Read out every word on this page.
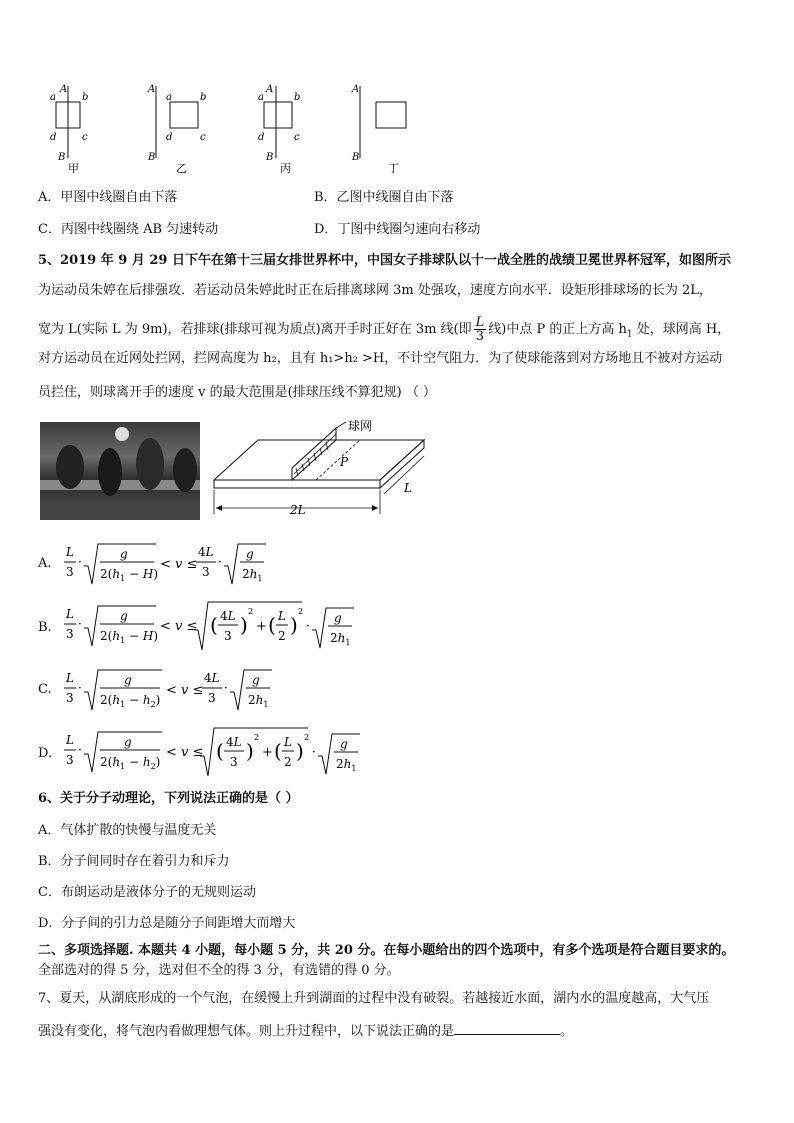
A
a	b
d	c
B
甲
A
a	b
d	c
B
乙
A
a	b
d	c
B
丙
A
B
丁
A．甲图中线圈自由下落	B．乙图中线圈自由下落
C．丙图中线圈绕 AB 匀速转动	D．丁图中线圈匀速向右移动
5、2019 年 9 月 29 日下午在第十三届女排世界杯中，中国女子排球队以十一战全胜的战绩卫冕世界杯冠军，如图所示
为运动员朱婷在后排强攻．若运动员朱婷此时正在后排离球网 3m 处强攻，速度方向水平．设矩形排球场的长为 2L，
宽为 L(实际 L 为 9m)，若排球(排球可视为质点)离开手时正好在 3m 线(即 $\frac{L}{3}$ 线)中点 P 的正上方高 $h_1$ 处，球网高 H，
对方运动员在近网处拦网，拦网高度为 h₂，且有 h₁>h₂ >H，不计空气阻力．为了使球能落到对方场地且不被对方运动
员拦住，则球离开手的速度 v 的最大范围是(排球压线不算犯规) （ ）
球网
P
2L
L
A.
L
3
·
g
$2(h_1 - H)$
< v ≤
4L
3
·
g
$2h_1$
B.
L
3
·
g
$2(h_1 - H)$
< v ≤ ( 4L
3 )
2
+ ( L
2 )
2
·
g
$2h_1$
C.
L
3
·
g
$2(h_1 - h_2)$
< v ≤
4L
3
·
g
$2h_1$
D.
L
3
·
g
$2(h_1 - h_2)$
< v ≤ ( 4L
3 )
2
+ ( L
2 )
2
·
g
$2h_1$
6、关于分子动理论，下列说法正确的是（ ）
A．气体扩散的快慢与温度无关
B．分子间同时存在着引力和斥力
C．布朗运动是液体分子的无规则运动
D．分子间的引力总是随分子间距增大而增大
二、多项选择题. 本题共 4 小题，每小题 5 分，共 20 分。在每小题给出的四个选项中，有多个选项是符合题目要求的。
全部选对的得 5 分，选对但不全的得 3 分，有选错的得 0 分。
7、夏天，从湖底形成的一个气泡，在缓慢上升到湖面的过程中没有破裂。若越接近水面，湖内水的温度越高，大气压
强没有变化，将气泡内看做理想气体。则上升过程中，以下说法正确的是	。
